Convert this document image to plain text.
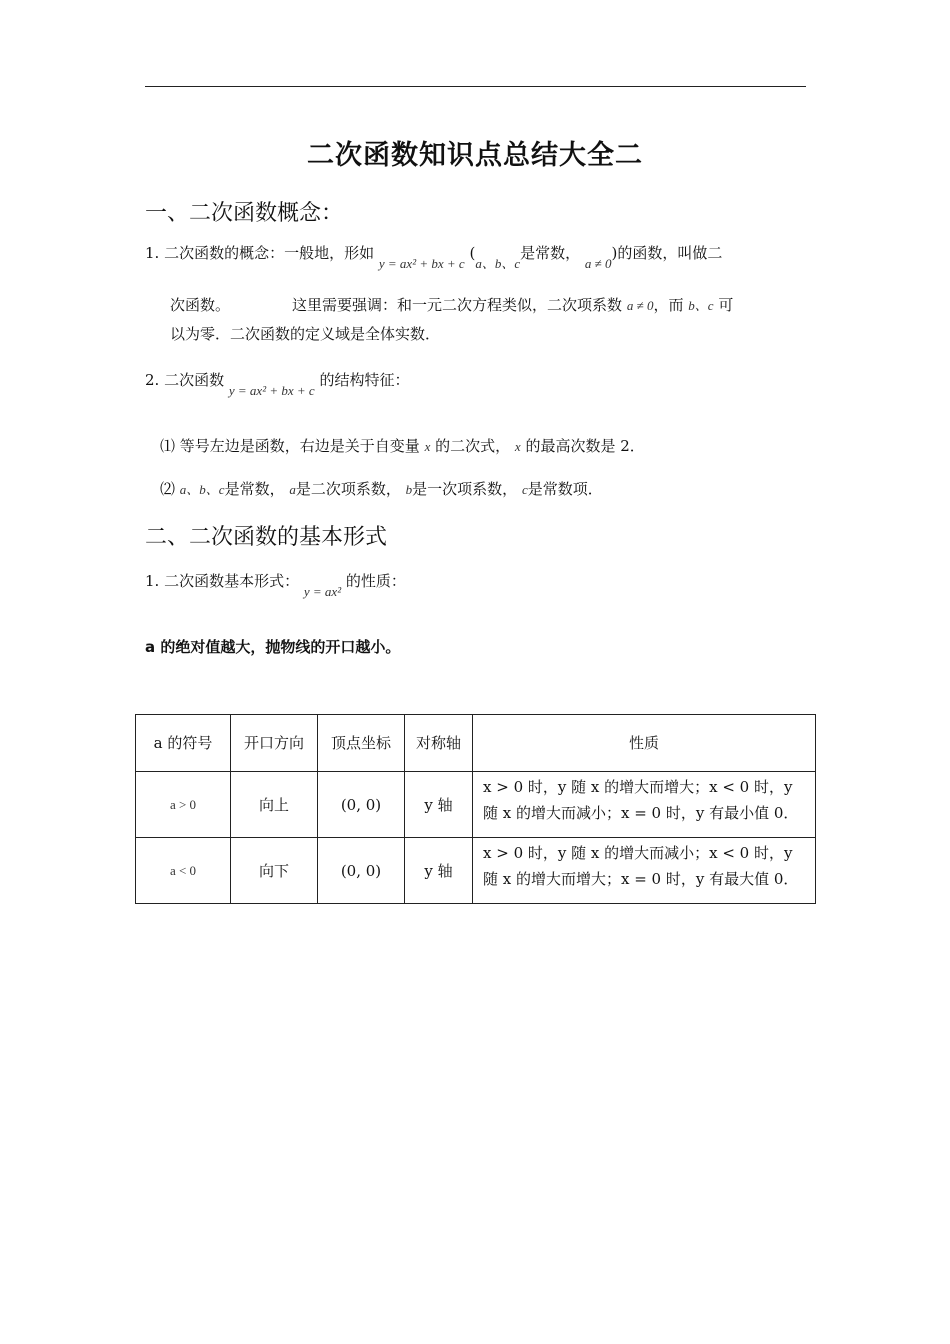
二次函数知识点总结大全二
一、二次函数概念：
1. 二次函数的概念：一般地，形如 y = ax² + bx + c (a、b、c是常数， a ≠ 0)的函数，叫做二
次函数。	这里需要强调：和一元二次方程类似，二次项系数 a ≠ 0，而 b、c 可
以为零．二次函数的定义域是全体实数．
2. 二次函数 y = ax² + bx + c 的结构特征：
⑴ 等号左边是函数，右边是关于自变量 x 的二次式， x 的最高次数是 2．
⑵ a、b、c是常数， a是二次项系数， b是一次项系数， c是常数项．
二、二次函数的基本形式
1. 二次函数基本形式： y = ax² 的性质：
a 的绝对值越大，抛物线的开口越小。
a 的符号	开口方向	顶点坐标	对称轴	性质
a > 0	向上	(0, 0)	y 轴	x > 0 时，y 随 x 的增大而增大；x < 0 时，y
随 x 的增大而减小；x = 0 时，y 有最小值 0．

a < 0	向下	(0, 0)	y 轴	x > 0 时，y 随 x 的增大而减小；x < 0 时，y
随 x 的增大而增大；x = 0 时，y 有最大值 0．
